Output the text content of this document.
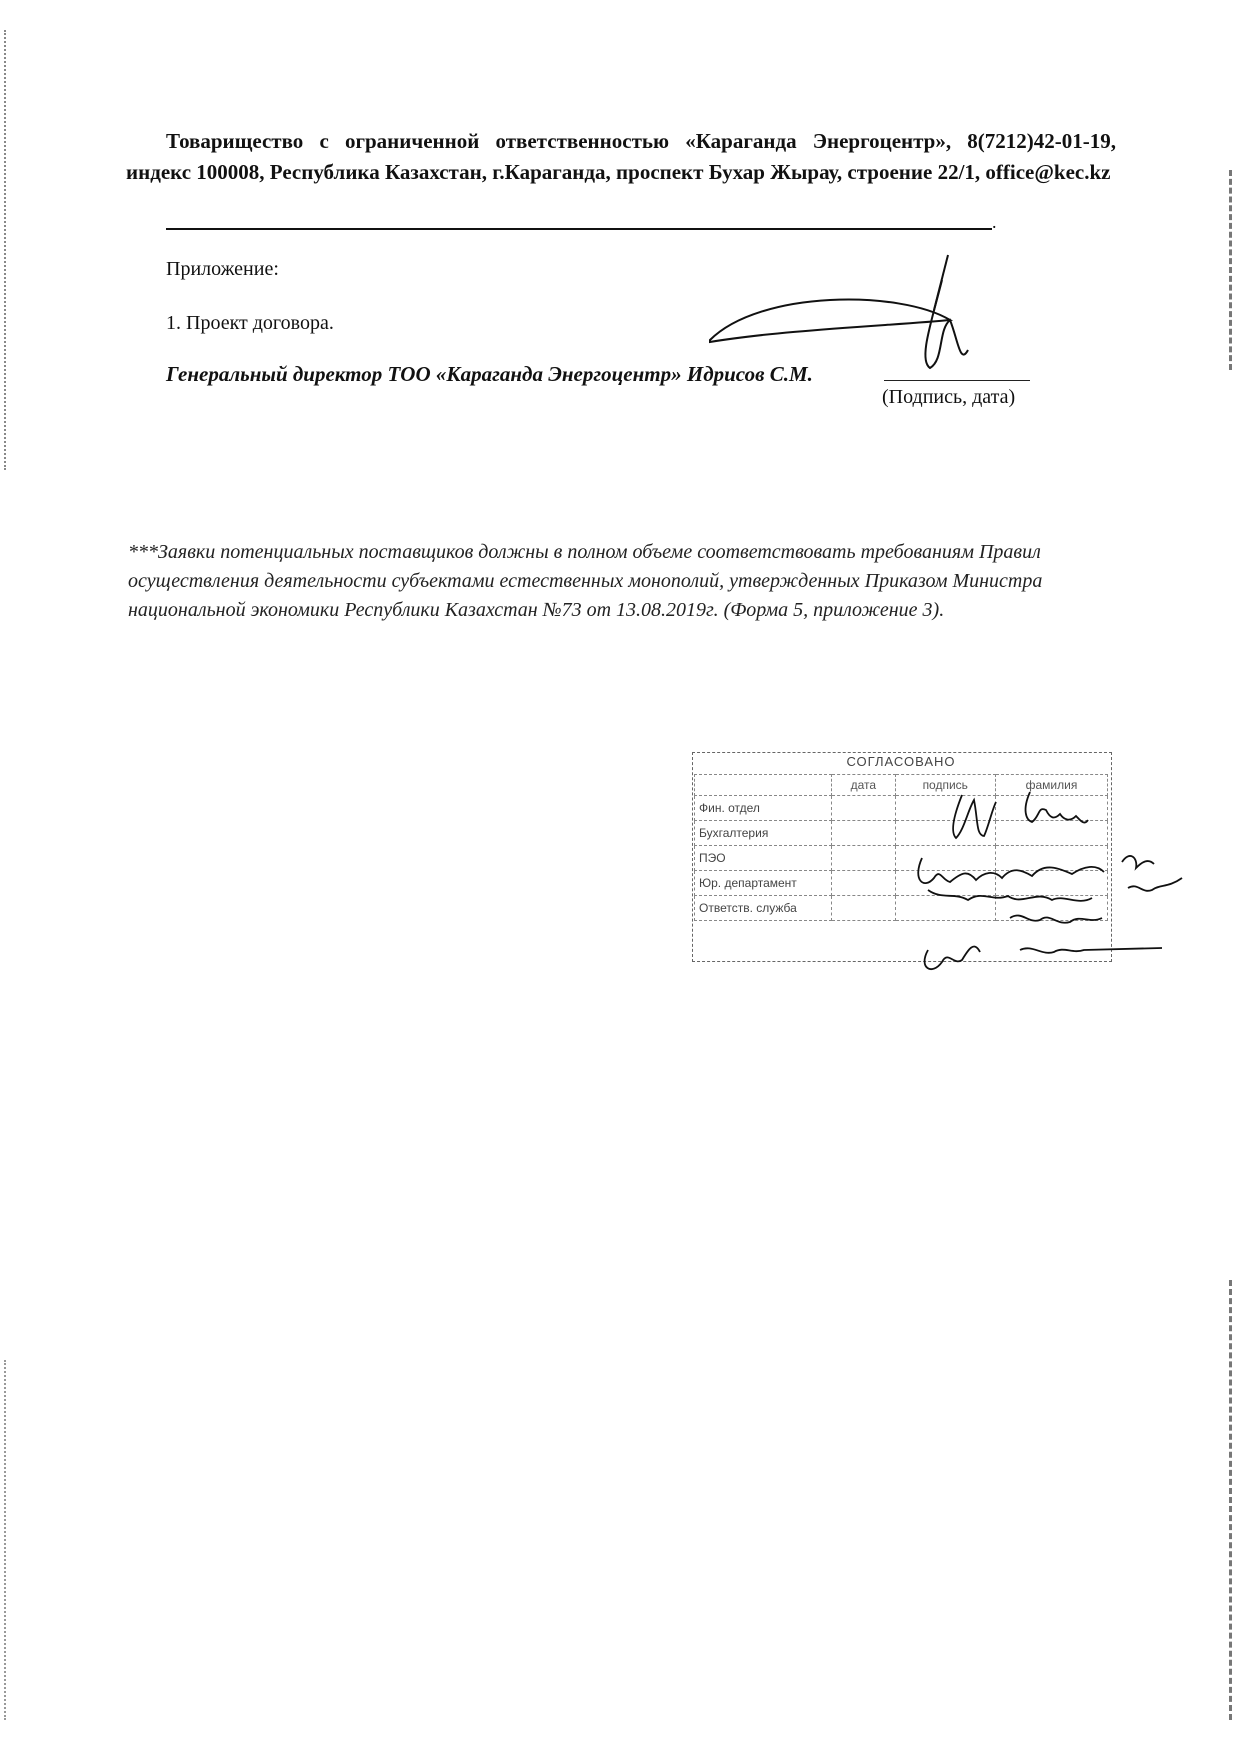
Товарищество с ограниченной ответственностью «Караганда Энергоцентр», 8(7212)42-01-19, индекс 100008, Республика Казахстан, г.Караганда, проспект Бухар Жырау, строение 22/1, office@kec.kz
.
Приложение:
1. Проект договора.
Генеральный директор ТОО «Караганда Энергоцентр» Идрисов С.М.
(Подпись, дата)
***Заявки потенциальных поставщиков должны в полном объеме соответствовать требованиям Правил осуществления деятельности субъектами естественных монополий, утвержденных Приказом Министра национальной экономики Республики Казахстан №73 от 13.08.2019г. (Форма 5, приложение 3).
СОГЛАСОВАНО
	дата	подпись	фамилия
Фин. отдел			
Бухгалтерия			
ПЭО			
Юр. департамент			
Ответств. служба			
